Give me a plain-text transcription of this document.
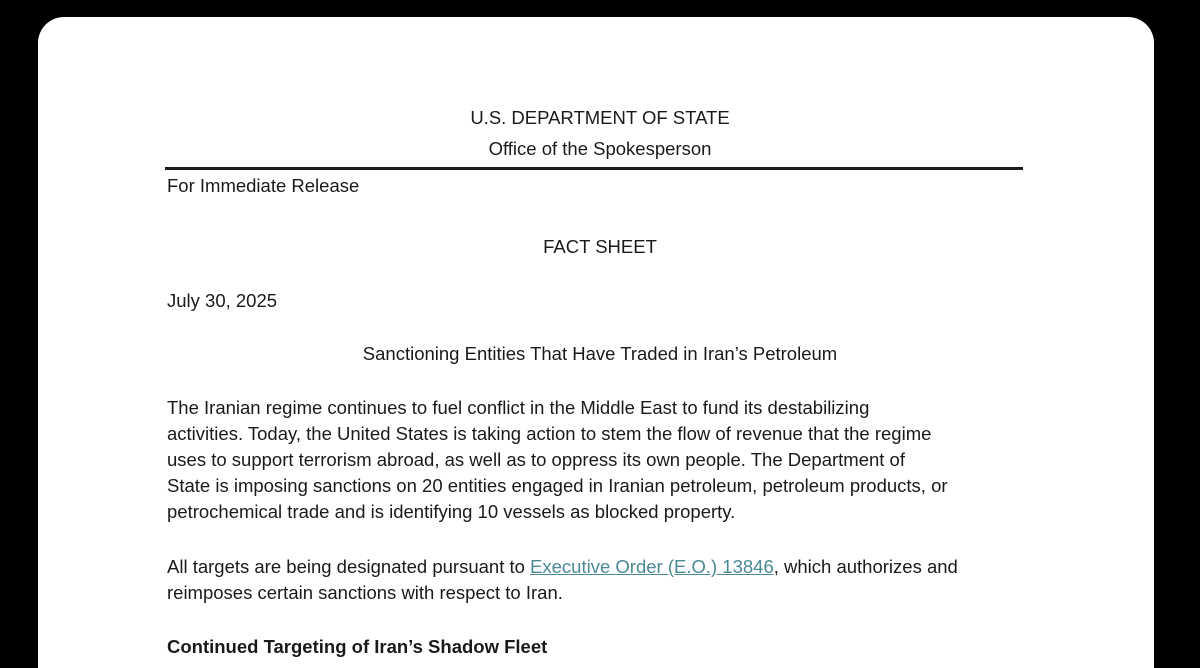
U.S. DEPARTMENT OF STATE
Office of the Spokesperson
For Immediate Release
FACT SHEET
July 30, 2025
Sanctioning Entities That Have Traded in Iran’s Petroleum
The Iranian regime continues to fuel conflict in the Middle East to fund its destabilizing
activities. Today, the United States is taking action to stem the flow of revenue that the regime
uses to support terrorism abroad, as well as to oppress its own people. The Department of
State is imposing sanctions on 20 entities engaged in Iranian petroleum, petroleum products, or
petrochemical trade and is identifying 10 vessels as blocked property.
All targets are being designated pursuant to Executive Order (E.O.) 13846, which authorizes and
reimposes certain sanctions with respect to Iran.
Continued Targeting of Iran’s Shadow Fleet
